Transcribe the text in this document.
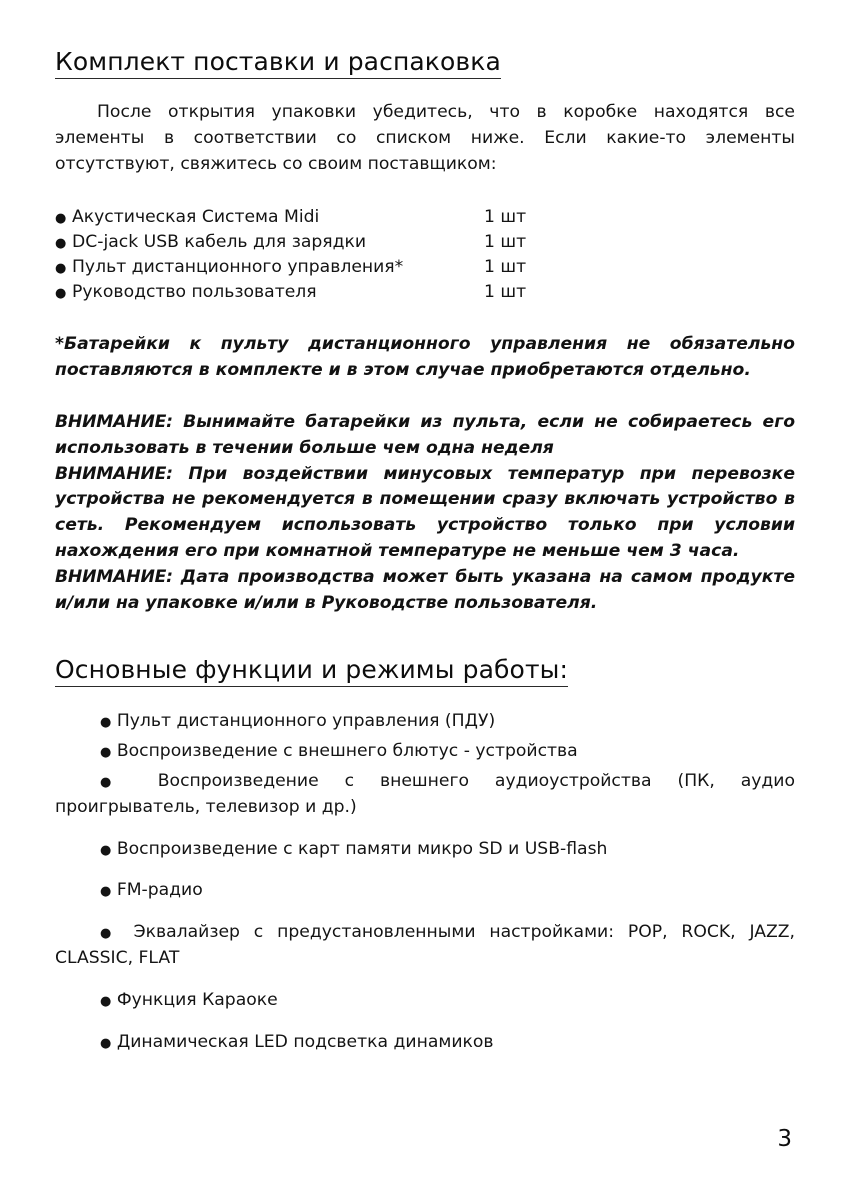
Комплект поставки и распаковка

После открытия упаковки убедитесь, что в коробке находятся все элементы в соответствии со списком ниже. Если какие-то элементы отсутствуют, свяжитесь со своим поставщиком:

● Акустическая Система Midi	1 шт
● DC-jack USB кабель для зарядки	1 шт
● Пульт дистанционного управления*	1 шт
● Руководство пользователя	1 шт

*Батарейки к пульту дистанционного управления не обязательно поставляются в комплекте и в этом случае приобретаются отдельно.

ВНИМАНИЕ: Вынимайте батарейки из пульта, если не собираетесь его использовать в течении больше чем одна неделя

ВНИМАНИЕ: При воздействии минусовых температур при перевозке устройства не рекомендуется в помещении сразу включать устройство в сеть. Рекомендуем использовать устройство только при условии нахождения его при комнатной температуре не меньше чем 3 часа.

ВНИМАНИЕ: Дата производства может быть указана на самом продукте и/или на упаковке и/или в Руководстве пользователя.

Основные функции и режимы работы:
● Пульт дистанционного управления (ПДУ)
● Воспроизведение с внешнего блютус - устройства
● Воспроизведение с внешнего аудиоустройства (ПК, аудио проигрыватель, телевизор и др.)
● Воспроизведение с карт памяти микро SD и USB-flash
● FM-радио
● Эквалайзер с предустановленными настройками: POP, ROCK, JAZZ, CLASSIC, FLAT
● Функция Караоке
● Динамическая LED подсветка динамиков
3
